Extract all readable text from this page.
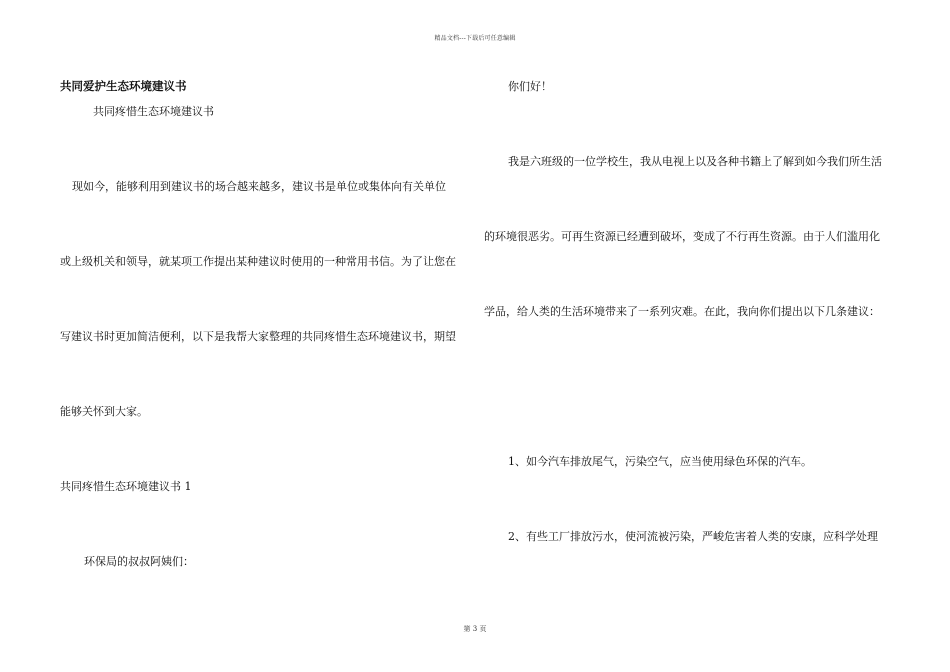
精品文档---下载后可任意编辑
共同爱护生态环境建议书
共同疼惜生态环境建议书
现如今，能够利用到建议书的场合越来越多，建议书是单位或集体向有关单位
或上级机关和领导，就某项工作提出某种建议时使用的一种常用书信。为了让您在
写建议书时更加简洁便利，以下是我帮大家整理的共同疼惜生态环境建议书，期望
能够关怀到大家。
共同疼惜生态环境建议书 1
环保局的叔叔阿姨们：
你们好！
我是六班级的一位学校生，我从电视上以及各种书籍上了解到如今我们所生活
的环境很恶劣。可再生资源已经遭到破坏，变成了不行再生资源。由于人们滥用化
学品，给人类的生活环境带来了一系列灾难。在此，我向你们提出以下几条建议：
1、如今汽车排放尾气，污染空气，应当使用绿色环保的汽车。
2、有些工厂排放污水，使河流被污染，严峻危害着人类的安康，应科学处理
第 3 页
